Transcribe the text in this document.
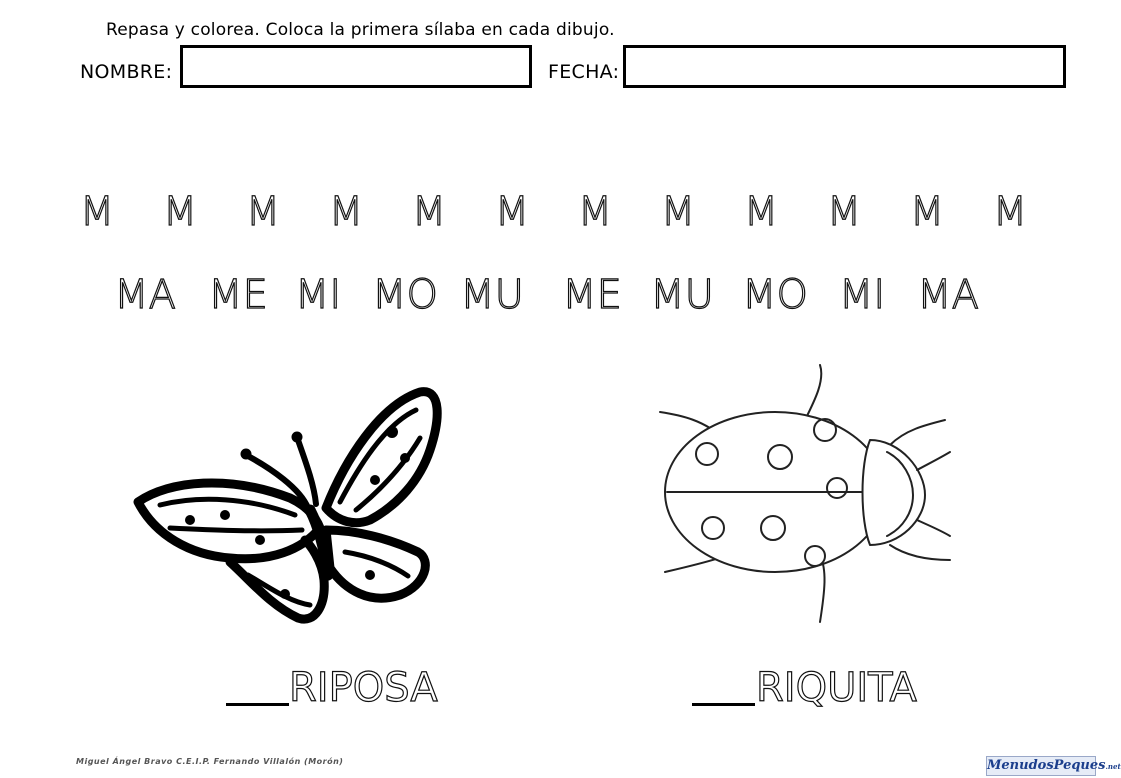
Repasa y colorea. Coloca la primera sílaba en cada dibujo.
NOMBRE:	FECHA:
M M M M M M M M M M M M
MA ME MI MO MU ME MU MO MI MA
RIPOSA	RIQUITA
Miguel Ángel Bravo C.E.I.P. Fernando Villalón (Morón)	MenudosPeques.net
